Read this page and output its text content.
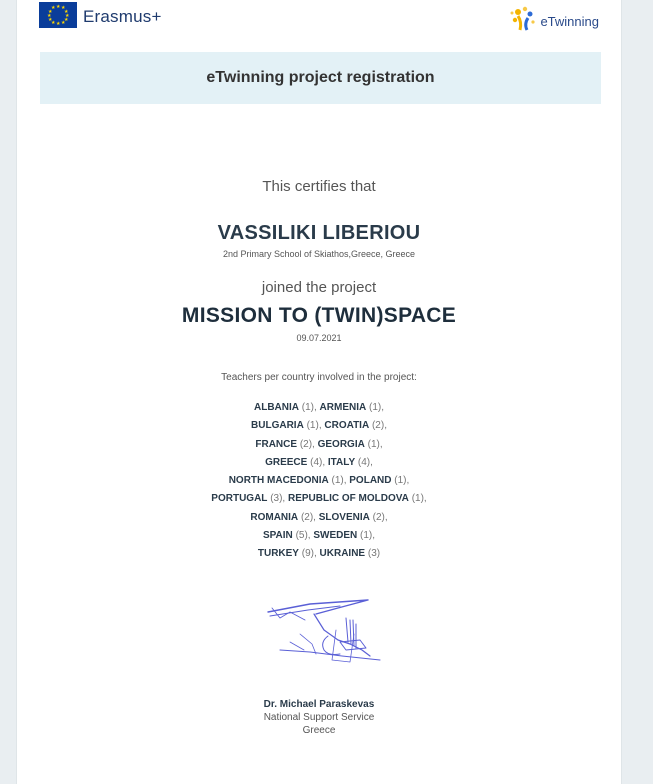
★ ★
★
★
★
★
★
★
★
★
★
★ Erasmus+	eTwinning
eTwinning project registration
This certifies that
VASSILIKI LIBERIOU
2nd Primary School of Skiathos,Greece, Greece
joined the project
MISSION TO (TWIN)SPACE
09.07.2021
Teachers per country involved in the project:
ALBANIA (1), ARMENIA (1),
BULGARIA (1), CROATIA (2),
FRANCE (2), GEORGIA (1),
GREECE (4), ITALY (4),
NORTH MACEDONIA (1), POLAND (1),
PORTUGAL (3), REPUBLIC OF MOLDOVA (1),
ROMANIA (2), SLOVENIA (2),
SPAIN (5), SWEDEN (1),
TURKEY (9), UKRAINE (3)
Dr. Michael Paraskevas
National Support Service
Greece
